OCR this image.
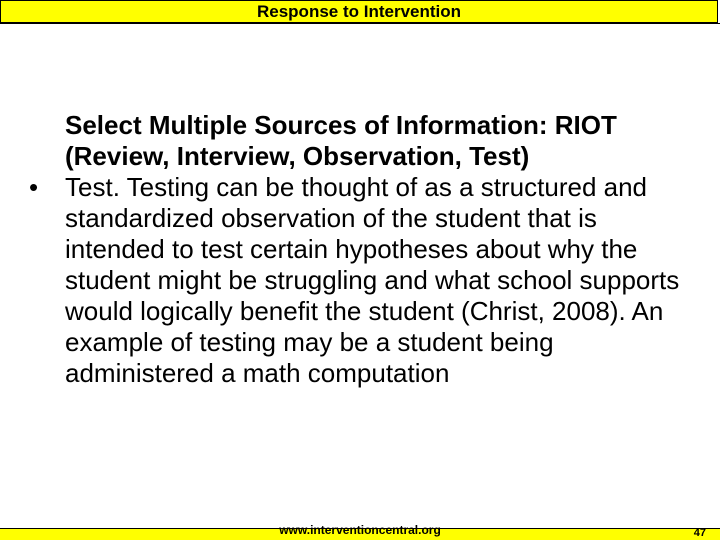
Response to Intervention

Select Multiple Sources of Information: RIOT (Review, Interview, Observation, Test)

• Test. Testing can be thought of as a structured and standardized observation of the student that is intended to test certain hypotheses about why the student might be struggling and what school supports would logically benefit the student (Christ, 2008). An example of testing may be a student being administered a math computation

www.interventioncentral.org	47
